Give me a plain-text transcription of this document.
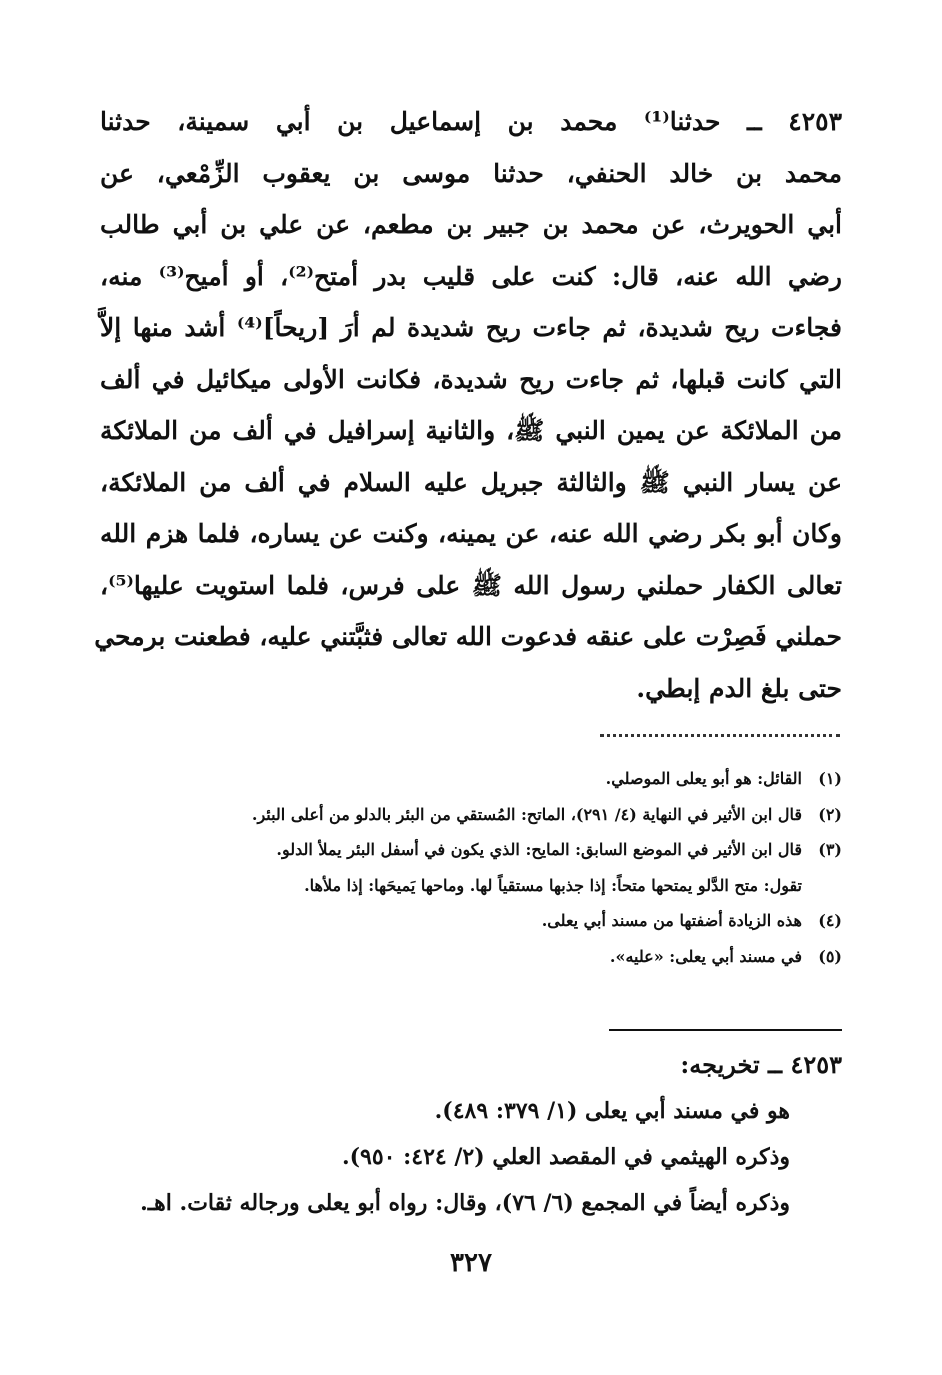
٤٢٥٣ ــ حدثنا⁽¹⁾ محمد بن إسماعيل بن أبي سمينة، حدثنا
محمد بن خالد الحنفي، حدثنا موسى بن يعقوب الزِّمْعي، عن
أبي الحويرث، عن محمد بن جبير بن مطعم، عن علي بن أبي طالب
رضي الله عنه، قال: كنت على قليب بدر أمتح⁽²⁾، أو أميح⁽³⁾ منه،
فجاءت ريح شديدة، ثم جاءت ريح شديدة لم أرَ [ريحاً]⁽⁴⁾ أشد منها إلاَّ
التي كانت قبلها، ثم جاءت ريح شديدة، فكانت الأولى ميكائيل في ألف
من الملائكة عن يمين النبي ﷺ، والثانية إسرافيل في ألف من الملائكة
عن يسار النبي ﷺ والثالثة جبريل عليه السلام في ألف من الملائكة،
وكان أبو بكر رضي الله عنه، عن يمينه، وكنت عن يساره، فلما هزم الله
تعالى الكفار حملني رسول الله ﷺ على فرس، فلما استويت عليها⁽⁵⁾،
حملني فَصِرْت على عنقه فدعوت الله تعالى فثبَّتني عليه، فطعنت برمحي
حتى بلغ الدم إبطي.
(١)
القائل: هو أبو يعلى الموصلي.
(٢)
قال ابن الأثير في النهاية (٤/ ٢٩١)، الماتح: المُستقي من البئر بالدلو من أعلى البئر.
(٣)
قال ابن الأثير في الموضع السابق: المايح: الذي يكون في أسفل البئر يملأ الدلو.
تقول: متح الدَّلو يمتحها متحاً: إذا جذبها مستقياً لها. وماحها يَميحَها: إذا ملأها.
(٤)
هذه الزيادة أضفتها من مسند أبي يعلى.
(٥)
في مسند أبي يعلى: «عليه».
٤٢٥٣ ــ تخريجه:
هو في مسند أبي يعلى (١/ ٣٧٩: ٤٨٩).
وذكره الهيثمي في المقصد العلي (٢/ ٤٢٤: ٩٥٠).
وذكره أيضاً في المجمع (٦/ ٧٦)، وقال: رواه أبو يعلى ورجاله ثقات. اهـ.
٣٢٧
